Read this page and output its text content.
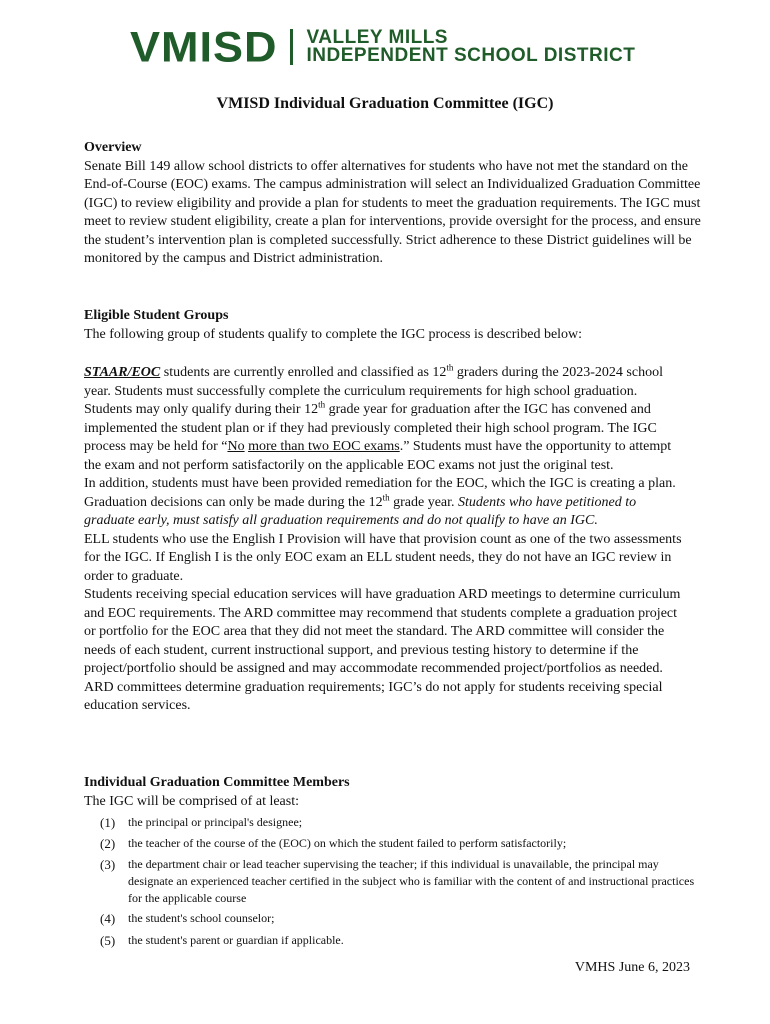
VMISD VALLEY MILLS
INDEPENDENT SCHOOL DISTRICT
VMISD Individual Graduation Committee (IGC)
Overview
Senate Bill 149 allow school districts to offer alternatives for students who have not met the standard on the End-of-Course (EOC) exams. The campus administration will select an Individualized Graduation Committee (IGC) to review eligibility and provide a plan for students to meet the graduation requirements. The IGC must meet to review student eligibility, create a plan for interventions, provide oversight for the process, and ensure the student’s intervention plan is completed successfully. Strict adherence to these District guidelines will be monitored by the campus and District administration.
Eligible Student Groups
The following group of students qualify to complete the IGC process is described below:
STAAR/EOC students are currently enrolled and classified as 12th graders during the 2023-2024 school year. Students must successfully complete the curriculum requirements for high school graduation. Students may only qualify during their 12th grade year for graduation after the IGC has convened and implemented the student plan or if they had previously completed their high school program. The IGC process may be held for “No more than two EOC exams.” Students must have the opportunity to attempt the exam and not perform satisfactorily on the applicable EOC exams not just the original test.
In addition, students must have been provided remediation for the EOC, which the IGC is creating a plan. Graduation decisions can only be made during the 12th grade year. Students who have petitioned to graduate early, must satisfy all graduation requirements and do not qualify to have an IGC.
ELL students who use the English I Provision will have that provision count as one of the two assessments for the IGC. If English I is the only EOC exam an ELL student needs, they do not have an IGC review in order to graduate.
Students receiving special education services will have graduation ARD meetings to determine curriculum and EOC requirements. The ARD committee may recommend that students complete a graduation project or portfolio for the EOC area that they did not meet the standard. The ARD committee will consider the needs of each student, current instructional support, and previous testing history to determine if the project/portfolio should be assigned and may accommodate recommended project/portfolios as needed. ARD committees determine graduation requirements; IGC’s do not apply for students receiving special education services.
Individual Graduation Committee Members
The IGC will be comprised of at least:
(1)	the principal or principal's designee;
(2)	the teacher of the course of the (EOC) on which the student failed to perform satisfactorily;
(3)	the department chair or lead teacher supervising the teacher; if this individual is unavailable, the principal may designate an experienced teacher certified in the subject who is familiar with the content of and instructional practices for the applicable course
(4)	the student's school counselor;
(5)	the student's parent or guardian if applicable.
VMHS June 6, 2023
